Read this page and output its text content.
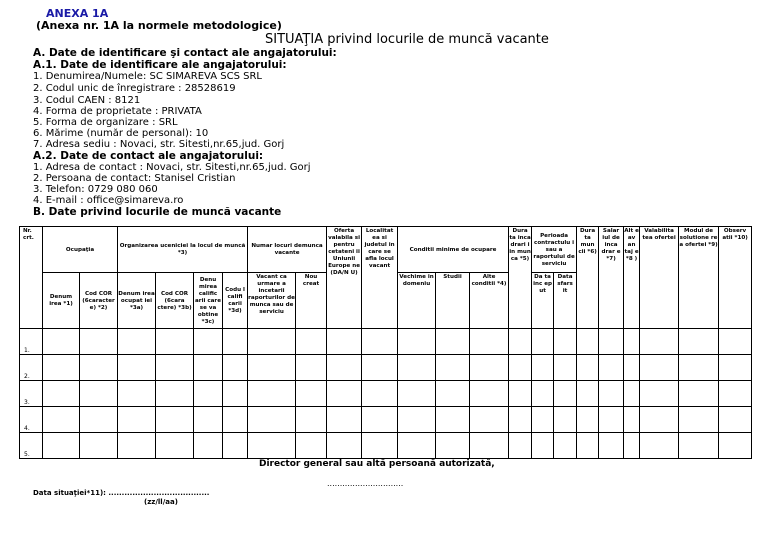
ANEXA 1A
(Anexa nr. 1A la normele metodologice)
SITUAŢIA privind locurile de muncă vacante
A. Date de identificare şi contact ale angajatorului:
A.1. Date de identificare ale angajatorului:
1. Denumirea/Numele: SC SIMAREVA SCS SRL
2. Codul unic de înregistrare : 28528619
3. Codul CAEN : 8121
4. Forma de proprietate : PRIVATA
5. Forma de organizare : SRL
6. Mărime (număr de personal): 10
7. Adresa sediu : Novaci, str. Sitesti,nr.65,jud. Gorj
A.2. Date de contact ale angajatorului:
1. Adresa de contact : Novaci, str. Sitesti,nr.65,jud. Gorj
2. Persoana de contact: Stanisel Cristian
3. Telefon: 0729 080 060
4. E-mail : office@simareva.ro
B. Date privind locurile de muncă vacante
Nr. crt.	Ocupaţia		Organizarea uceniciei la locul de muncă *3)				Numar locuri demunca vacante		Oferta valabila si pentru cetateni ii Uniunii Europe ne (DA/N U)	Localitat ea si judetul in care se afla locul vacant	Conditii minime de ocupare			Dura ta inca drari i in mun ca *5)	Perioada contractulu i sau a raportului de serviciu		Dura ta mun cii *6)	Salar iul de inca drar e *7)	Alt e av an taj e *8 )	Valabilita tea ofertei	Modul de solutione re a ofertei *9)	Observ atii *10)
	Denum irea *1)	Cod COR (6caracter e) *2)	Denum irea ocupat iei *3a)	Cod COR (6cara ctere) *3b)	Denu mirea calific arii care se va obtine *3c)	Codu l califi carii *3d)	Vacant ca urmare a incetarii raporturilor de munca sau de serviciu	Nou creat			Vechime in domeniu	Studii	Alte conditii *4)		Da ta inc ep ut	Data sfars it						
1.																						
2.																						
3.																						
4.																						
5.																						
Director general sau altă persoană autorizată,
..............................
Data situaţiei*11): ......................................
(zz/ll/aa)
